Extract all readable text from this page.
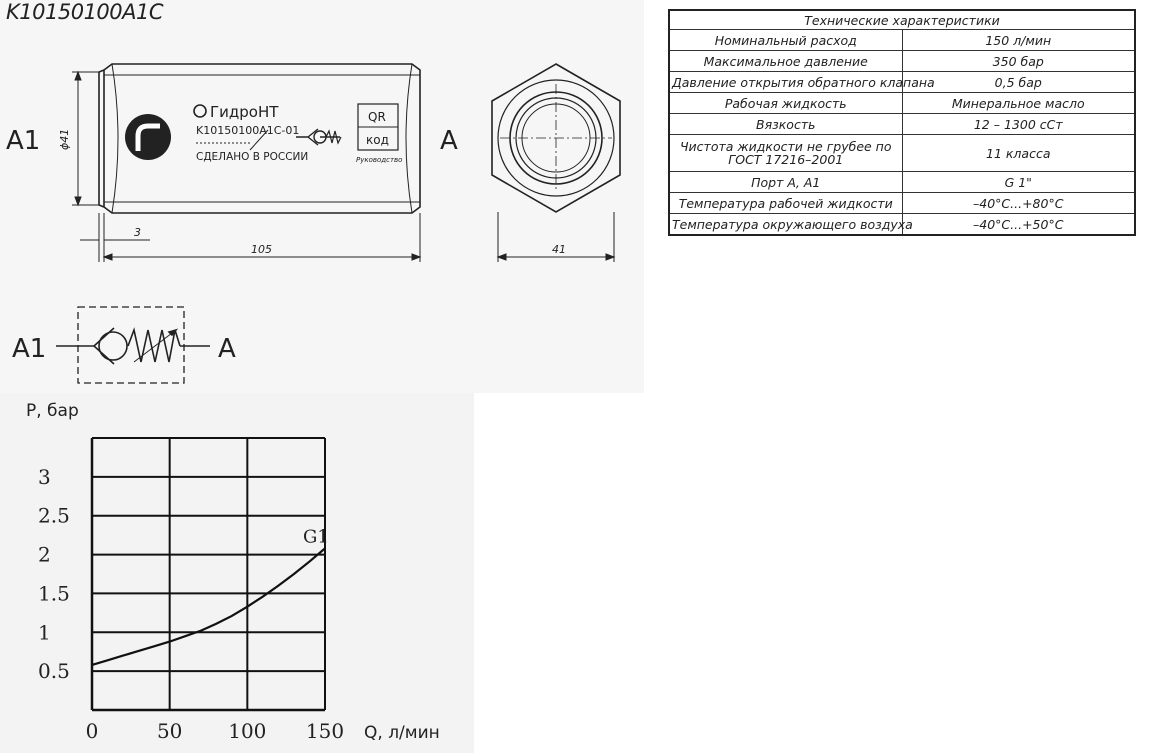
K10150100A1C
A1	A
ϕ41
3
105	41
ГидроНТ
K10150100A1C-01
СДЕЛАНО В РОССИИ
QR
код
Руководство
A1	A
Технические характеристики	
Номинальный расход	150 л/мин
Максимальное давление	350 бар
Давление открытия обратного клапана	0,5 бар
Рабочая жидкость	Минеральное масло
Вязкость	12 – 1300 сСт
Чистота жидкости не грубее по ГОСТ 17216–2001	11 класса
Порт А, А1	G 1"
Температура рабочей жидкости	–40°С...+80°С
Температура окружающего воздуха	–40°С...+50°С
0	50 100 150
0.5
1
1.5
2
2.5
3
Р, бар
Q, л/мин
G1
